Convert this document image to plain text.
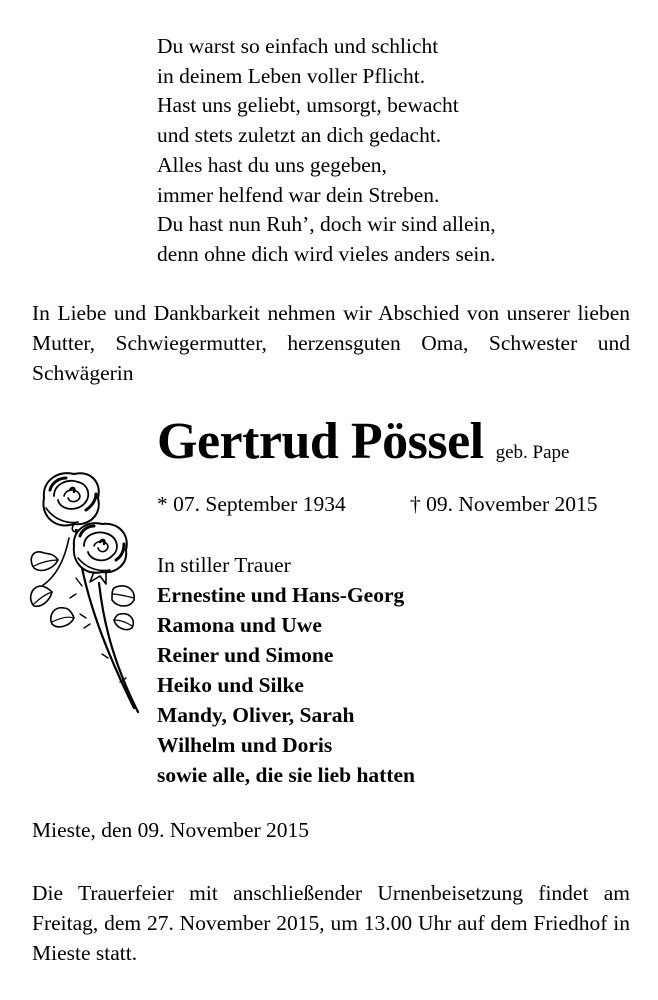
Du warst so einfach und schlicht
in deinem Leben voller Pflicht.
Hast uns geliebt, umsorgt, bewacht
und stets zuletzt an dich gedacht.
Alles hast du uns gegeben,
immer helfend war dein Streben.
Du hast nun Ruh’, doch wir sind allein,
denn ohne dich wird vieles anders sein.
In Liebe und Dankbarkeit nehmen wir Abschied von unserer lieben Mutter, Schwiegermutter, herzensguten Oma, Schwester und Schwägerin
Gertrud Pössel geb. Pape
* 07. September 1934	† 09. November 2015
In stiller Trauer
Ernestine und Hans-Georg
Ramona und Uwe
Reiner und Simone
Heiko und Silke
Mandy, Oliver, Sarah
Wilhelm und Doris
sowie alle, die sie lieb hatten
Mieste, den 09. November 2015
Die Trauerfeier mit anschließender Urnenbeisetzung findet am Freitag, dem 27. November 2015, um 13.00 Uhr auf dem Friedhof in Mieste statt.
